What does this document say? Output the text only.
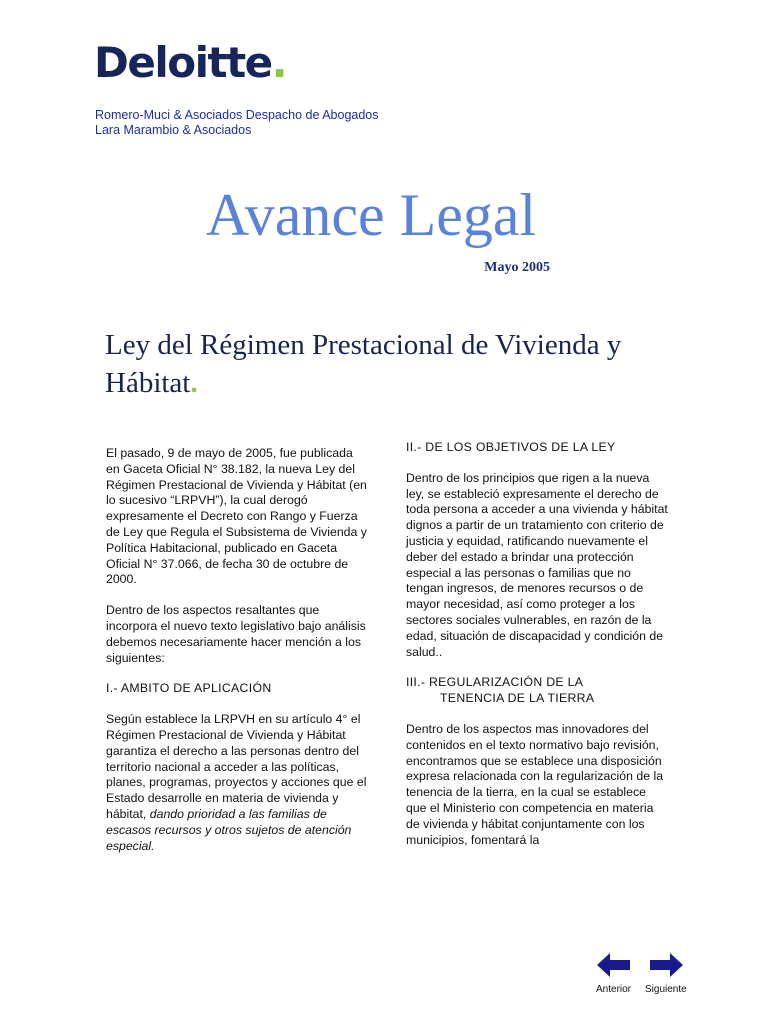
Deloitte.
Romero-Muci & Asociados Despacho de Abogados
Lara Marambio & Asociados
Avance Legal
Mayo 2005
Ley del Régimen Prestacional de Vivienda y Hábitat.

El pasado, 9 de mayo de 2005, fue publicada en Gaceta Oficial N° 38.182, la nueva Ley del Régimen Prestacional de Vivienda y Hábitat (en lo sucesivo “LRPVH”), la cual derogó expresamente el Decreto con Rango y Fuerza de Ley que Regula el Subsistema de Vivienda y Política Habitacional, publicado en Gaceta Oficial N° 37.066, de fecha 30 de octubre de 2000.

Dentro de los aspectos resaltantes que incorpora el nuevo texto legislativo bajo análisis debemos necesariamente hacer mención a los siguientes:

I.- AMBITO DE APLICACIÓN

Según establece la LRPVH en su artículo 4° el Régimen Prestacional de Vivienda y Hábitat garantiza el derecho a las personas dentro del territorio nacional a acceder a las políticas, planes, programas, proyectos y acciones que el Estado desarrolle en materia de vivienda y hábitat, dando prioridad a las familias de escasos recursos y otros sujetos de atención especial.

II.- DE LOS OBJETIVOS DE LA LEY

Dentro de los principios que rigen a la nueva ley, se estableció expresamente el derecho de toda persona a acceder a una vivienda y hábitat dignos a partir de un tratamiento con criterio de justicia y equidad, ratificando nuevamente el deber del estado a brindar una protección especial a las personas o familias que no tengan ingresos, de menores recursos o de mayor necesidad, así como proteger a los sectores sociales vulnerables, en razón de la edad, situación de discapacidad y condición de salud..

III.- REGULARIZACIÓN DE LA
TENENCIA DE LA TIERRA

Dentro de los aspectos mas innovadores del contenidos en el texto normativo bajo revisión, encontramos que se establece una disposición expresa relacionada con la regularización de la tenencia de la tierra, en la cual se establece que el Ministerio con competencia en materia de vivienda y hábitat conjuntamente con los municipios, fomentará la

Anterior Siguiente
